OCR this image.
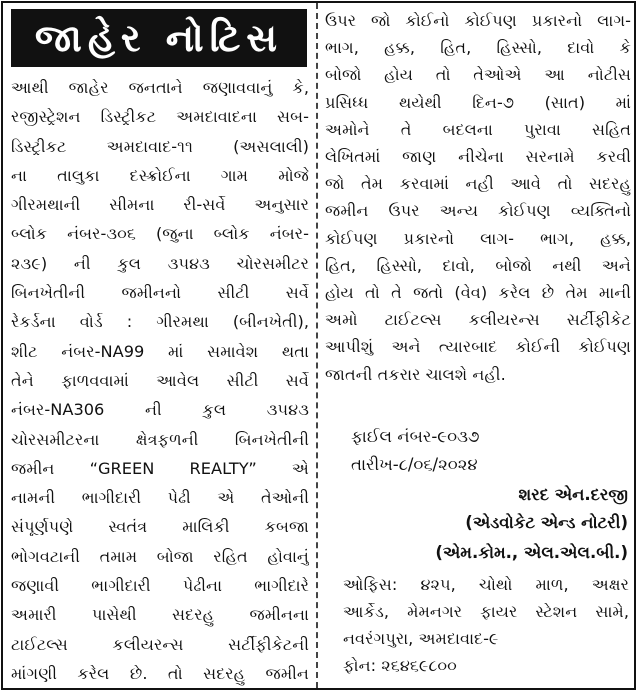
જાહેર નોટિસ
આથી જાહેર જનતાને જણાવવાનું કે,
રજીસ્ટ્રેશન ડિસ્ટ્રીકટ અમદાવાદના સબ-
ડિસ્ટ્રીકટ અમદાવાદ-૧૧ (અસલાલી)
ના તાલુકા દસ્ક્રોઈના ગામ મોજે
ગીરમથાની સીમના રી-સર્વે અનુસાર
બ્લોક નંબર-૩૦૬ (જુના બ્લોક નંબર-
૨૩૯) ની કુલ ૩૫૪૩ ચોરસમીટર
બિનખેતીની જમીનનો સીટી સર્વે
રેકર્ડના વોર્ડ : ગીરમથા (બીનખેતી),
શીટ નંબર-NA99 માં સમાવેશ થતા
તેને ફાળવવામાં આવેલ સીટી સર્વે
નંબર-NA306 ની કુલ ૩૫૪૩
ચોરસમીટરના ક્ષેત્રફળની બિનખેતીની
જમીન “GREEN REALTY” એ
નામની ભાગીદારી પેઢી એ તેઓની
સંપૂર્ણપણે સ્વતંત્ર માલિકી કબજા
ભોગવટાની તમામ બોજા રહિત હોવાનું
જણાવી ભાગીદારી પેઢીના ભાગીદારે
અમારી પાસેથી સદરહુ જમીનના
ટાઈટલ્સ કલીયરન્સ સર્ટીફીકેટની
માંગણી કરેલ છે. તો સદરહુ જમીન
ઉપર જો કોઈનો કોઈપણ પ્રકારનો લાગ-
ભાગ, હક્ક, હિત, હિસ્સો, દાવો કે
બોજો હોય તો તેઓએ આ નોટીસ
પ્રસિધ્ધ થયેથી દિન-૭ (સાત) માં
અમોને તે બદલના પુરાવા સહિત
લેખિતમાં જાણ નીચેના સરનામે કરવી
જો તેમ કરવામાં નહી આવે તો સદરહુ
જમીન ઉપર અન્ય કોઈપણ વ્યક્તિનો
કોઈપણ પ્રકારનો લાગ- ભાગ, હક્ક,
હિત, હિસ્સો, દાવો, બોજો નથી અને
હોય તો તે જતો (વેવ) કરેલ છે તેમ માની
અમો ટાઈટલ્સ કલીયરન્સ સર્ટીફીકેટ
આપીશું અને ત્યારબાદ કોઈની કોઈપણ
જાતની તકરાર ચાલશે નહી.
ફાઈલ નંબર-૯૦૩૭
તારીખ-૮/૦૬/૨૦૨૪
શરદ એન.દરજી
(એડવોકેટ એન્ડ નોટરી)
(એમ.કોમ., એલ.એલ.બી.)
ઓફિસ: ૪૨૫, ચોથો માળ, અક્ષર
આર્કેડ, મેમનગર ફાયર સ્ટેશન સામે,
નવરંગપુરા, અમદાવાદ-૯
ફોન: ૨૬૪૬૯૮૦૦
